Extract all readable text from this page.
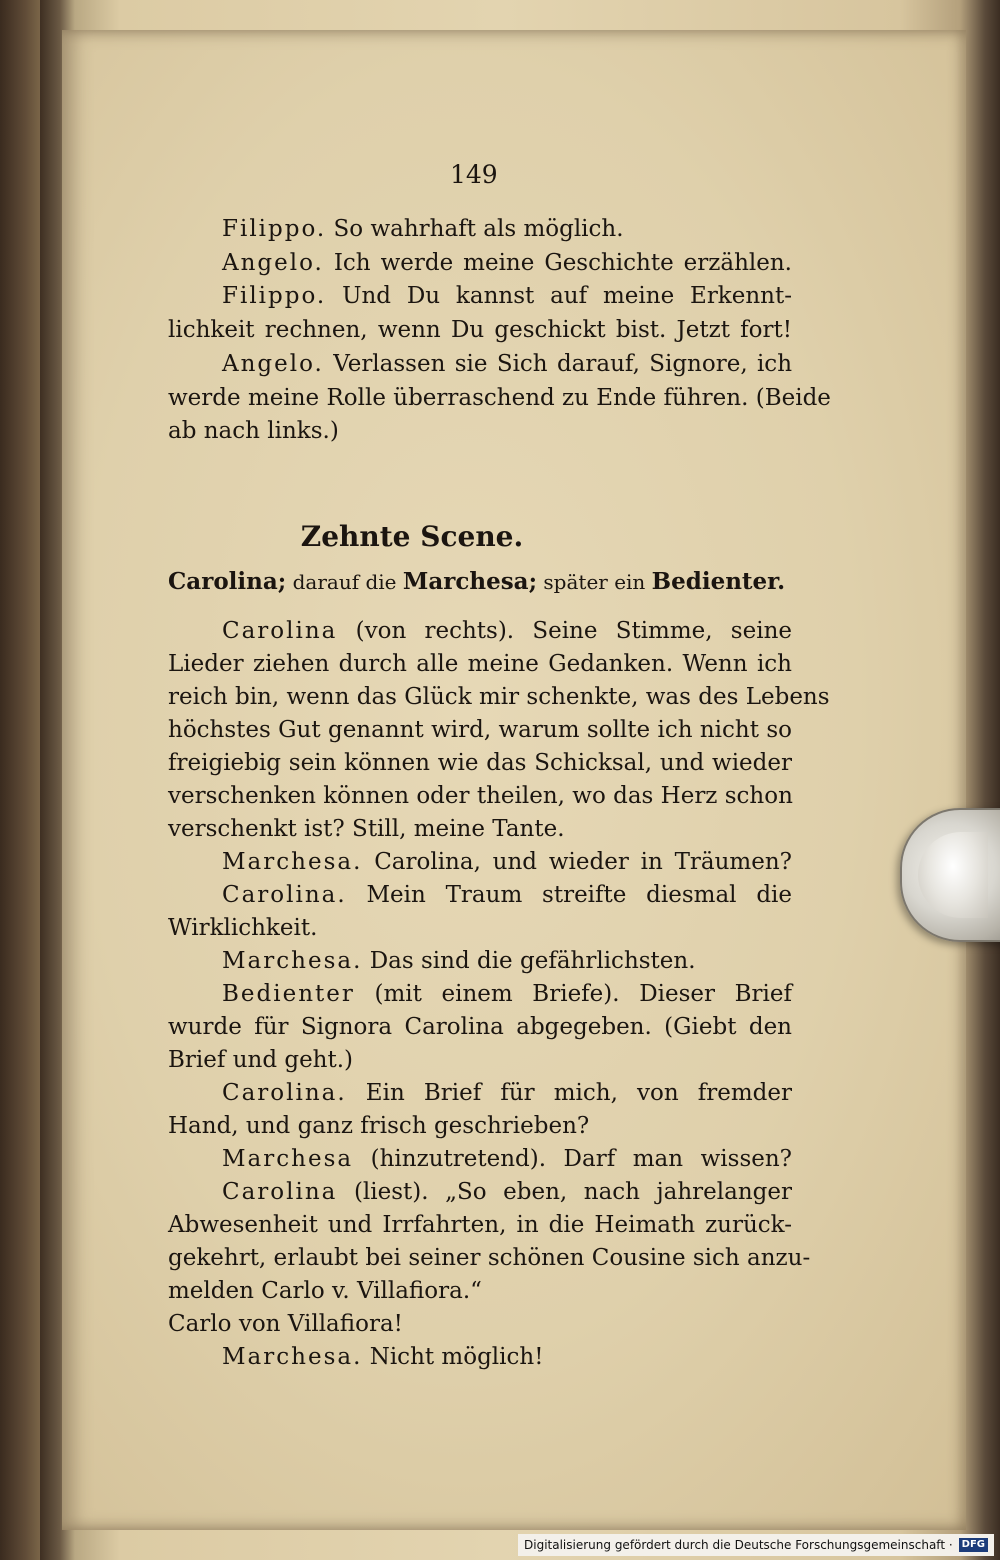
149
Filippo. So wahrhaft als möglich.
Angelo. Ich werde meine Geschichte erzählen.
Filippo. Und Du kannst auf meine Erkennt-
lichkeit rechnen, wenn Du geschickt bist. Jetzt fort!
Angelo. Verlassen sie Sich darauf, Signore, ich
werde meine Rolle überraschend zu Ende führen. (Beide
ab nach links.)
Zehnte Scene.
Carolina; darauf die Marchesa; später ein Bedienter.
Carolina (von rechts). Seine Stimme, seine
Lieder ziehen durch alle meine Gedanken. Wenn ich
reich bin, wenn das Glück mir schenkte, was des Lebens
höchstes Gut genannt wird, warum sollte ich nicht so
freigiebig sein können wie das Schicksal, und wieder
verschenken können oder theilen, wo das Herz schon
verschenkt ist? Still, meine Tante.
Marchesa. Carolina, und wieder in Träumen?
Carolina. Mein Traum streifte diesmal die
Wirklichkeit.
Marchesa. Das sind die gefährlichsten.
Bedienter (mit einem Briefe). Dieser Brief
wurde für Signora Carolina abgegeben. (Giebt den
Brief und geht.)
Carolina. Ein Brief für mich, von fremder
Hand, und ganz frisch geschrieben?
Marchesa (hinzutretend). Darf man wissen?
Carolina (liest). „So eben, nach jahrelanger
Abwesenheit und Irrfahrten, in die Heimath zurück-
gekehrt, erlaubt bei seiner schönen Cousine sich anzu-
melden Carlo v. Villafiora.“
Carlo von Villafiora!
Marchesa. Nicht möglich!
Digitalisierung gefördert durch die Deutsche Forschungsgemeinschaft · DFG
